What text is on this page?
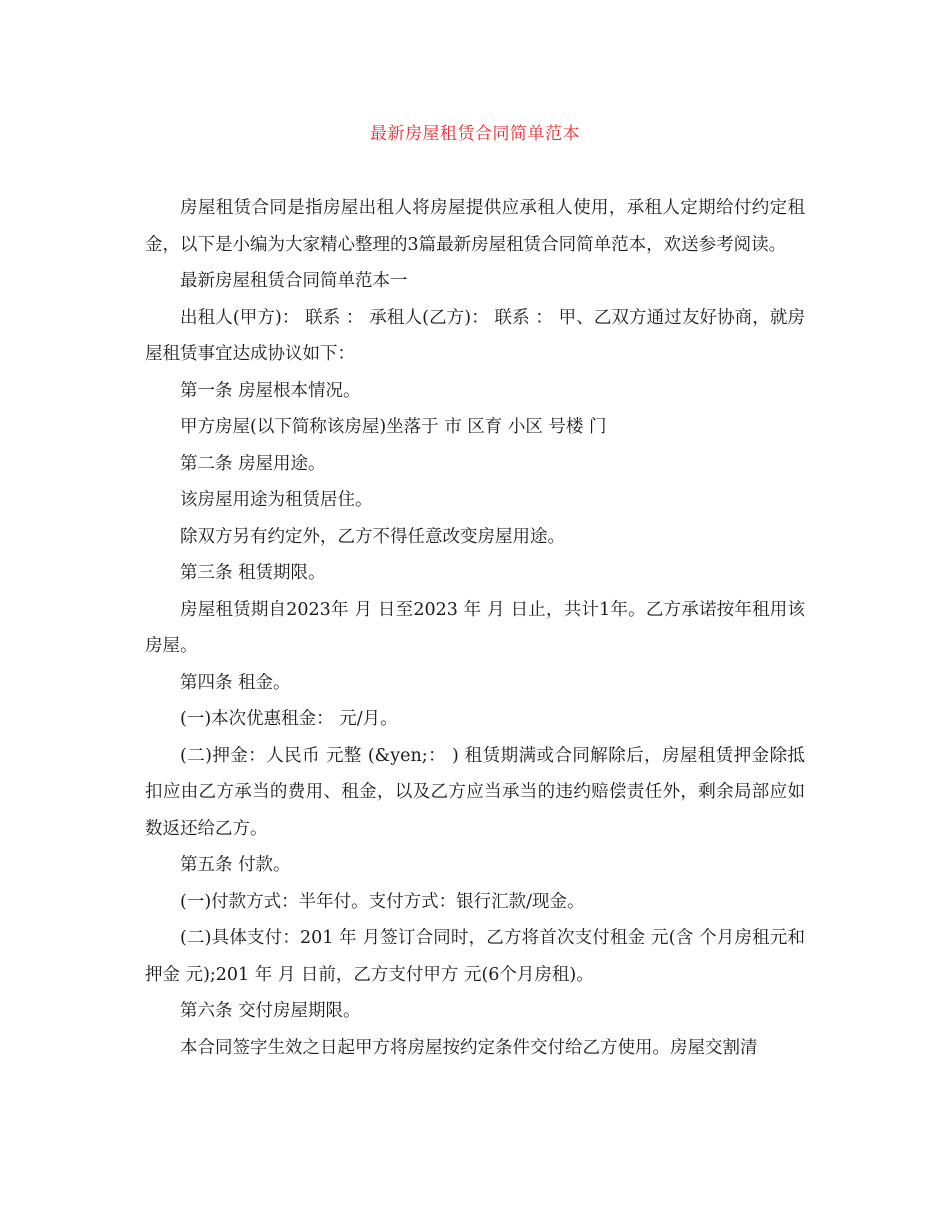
最新房屋租赁合同简单范本

房屋租赁合同是指房屋出租人将房屋提供应承租人使用，承租人定期给付约定租金，以下是小编为大家精心整理的3篇最新房屋租赁合同简单范本，欢送参考阅读。

最新房屋租赁合同简单范本一

出租人(甲方)： 联系 ： 承租人(乙方)： 联系 ： 甲、乙双方通过友好协商，就房屋租赁事宜达成协议如下：

第一条 房屋根本情况。

甲方房屋(以下简称该房屋)坐落于 市 区育 小区 号楼 门

第二条 房屋用途。

该房屋用途为租赁居住。

除双方另有约定外，乙方不得任意改变房屋用途。

第三条 租赁期限。

房屋租赁期自2023年 月 日至2023 年 月 日止，共计1年。乙方承诺按年租用该房屋。

第四条 租金。

(一)本次优惠租金： 元/月。

(二)押金：人民币 元整 (&yen;： ) 租赁期满或合同解除后，房屋租赁押金除抵扣应由乙方承当的费用、租金，以及乙方应当承当的违约赔偿责任外，剩余局部应如数返还给乙方。

第五条 付款。

(一)付款方式：半年付。支付方式：银行汇款/现金。

(二)具体支付：201 年 月签订合同时，乙方将首次支付租金 元(含 个月房租元和押金 元);201 年 月 日前，乙方支付甲方 元(6个月房租)。

第六条 交付房屋期限。

本合同签字生效之日起甲方将房屋按约定条件交付给乙方使用。房屋交割清
